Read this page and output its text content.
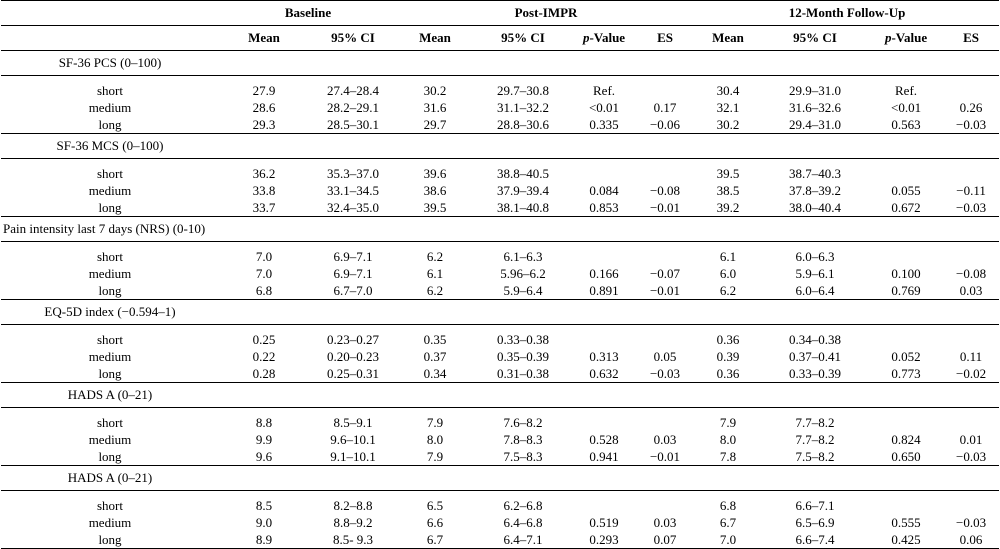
	Baseline		Post-IMPR				12-Month Follow-Up			
	Mean	95% CI	Mean	95% CI	p-Value	ES	Mean	95% CI	p-Value	ES
SF-36 PCS (0–100)										

short	27.9	27.4–28.4	30.2	29.7–30.8	Ref.		30.4	29.9–31.0	Ref.	
medium	28.6	28.2–29.1	31.6	31.1–32.2	<0.01	0.17	32.1	31.6–32.6	<0.01	0.26
long	29.3	28.5–30.1	29.7	28.8–30.6	0.335	−0.06	30.2	29.4–31.0	0.563	−0.03
SF-36 MCS (0–100)										

short	36.2	35.3–37.0	39.6	38.8–40.5			39.5	38.7–40.3		
medium	33.8	33.1–34.5	38.6	37.9–39.4	0.084	−0.08	38.5	37.8–39.2	0.055	−0.11
long	33.7	32.4–35.0	39.5	38.1–40.8	0.853	−0.01	39.2	38.0–40.4	0.672	−0.03
Pain intensity last 7 days (NRS) (0-10)										

short	7.0	6.9–7.1	6.2	6.1–6.3			6.1	6.0–6.3		
medium	7.0	6.9–7.1	6.1	5.96–6.2	0.166	−0.07	6.0	5.9–6.1	0.100	−0.08
long	6.8	6.7–7.0	6.2	5.9–6.4	0.891	−0.01	6.2	6.0–6.4	0.769	0.03
EQ-5D index (−0.594–1)										

short	0.25	0.23–0.27	0.35	0.33–0.38			0.36	0.34–0.38		
medium	0.22	0.20–0.23	0.37	0.35–0.39	0.313	0.05	0.39	0.37–0.41	0.052	0.11
long	0.28	0.25–0.31	0.34	0.31–0.38	0.632	−0.03	0.36	0.33–0.39	0.773	−0.02
HADS A (0–21)										

short	8.8	8.5–9.1	7.9	7.6–8.2			7.9	7.7–8.2		
medium	9.9	9.6–10.1	8.0	7.8–8.3	0.528	0.03	8.0	7.7–8.2	0.824	0.01
long	9.6	9.1–10.1	7.9	7.5–8.3	0.941	−0.01	7.8	7.5–8.2	0.650	−0.03
HADS A (0–21)										

short	8.5	8.2–8.8	6.5	6.2–6.8			6.8	6.6–7.1		
medium	9.0	8.8–9.2	6.6	6.4–6.8	0.519	0.03	6.7	6.5–6.9	0.555	−0.03
long	8.9	8.5- 9.3	6.7	6.4–7.1	0.293	0.07	7.0	6.6–7.4	0.425	0.06
